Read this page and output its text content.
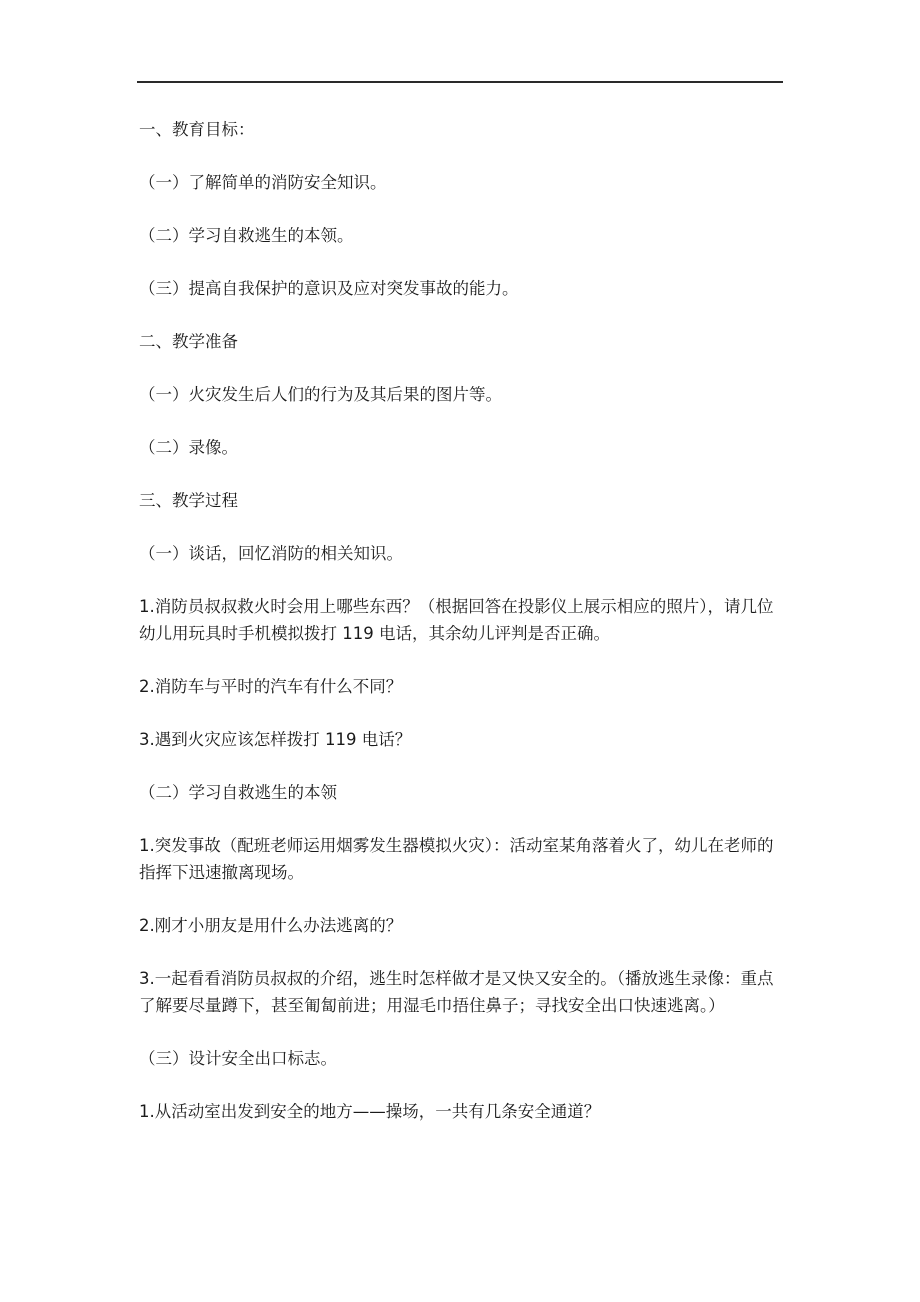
一、教育目标：

（一）了解简单的消防安全知识。

（二）学习自救逃生的本领。

（三）提高自我保护的意识及应对突发事故的能力。

二、教学准备

（一）火灾发生后人们的行为及其后果的图片等。

（二）录像。

三、教学过程

（一）谈话，回忆消防的相关知识。

1.消防员叔叔救火时会用上哪些东西？（根据回答在投影仪上展示相应的照片），请几位幼儿用玩具时手机模拟拨打 119 电话，其余幼儿评判是否正确。

2.消防车与平时的汽车有什么不同？

3.遇到火灾应该怎样拨打 119 电话？

（二）学习自救逃生的本领

1.突发事故（配班老师运用烟雾发生器模拟火灾）：活动室某角落着火了，幼儿在老师的指挥下迅速撤离现场。

2.刚才小朋友是用什么办法逃离的？

3.一起看看消防员叔叔的介绍，逃生时怎样做才是又快又安全的。（播放逃生录像：重点了解要尽量蹲下，甚至匍匐前进；用湿毛巾捂住鼻子；寻找安全出口快速逃离。）

（三）设计安全出口标志。

1.从活动室出发到安全的地方——操场，一共有几条安全通道？
